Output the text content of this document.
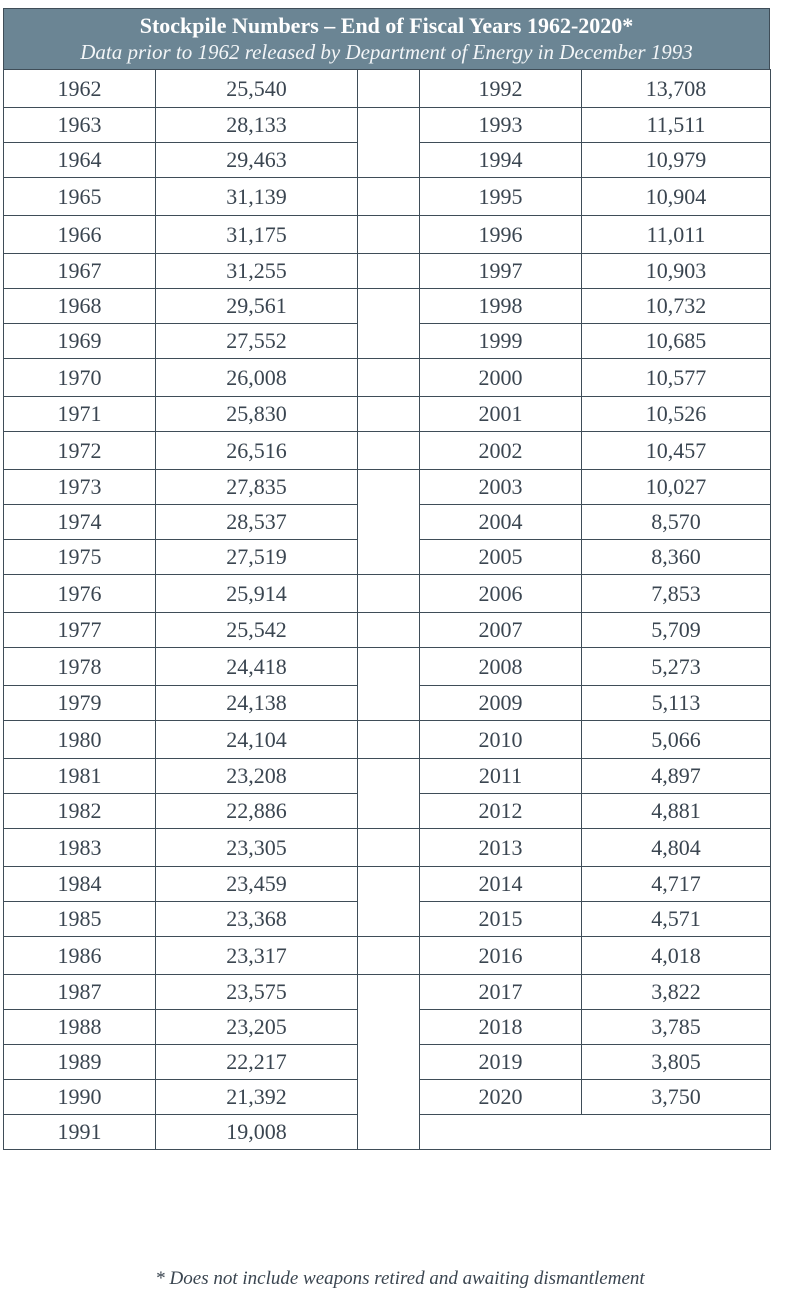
Stockpile Numbers – End of Fiscal Years 1962-2020*
Data prior to 1962 released by Department of Energy in December 1993
1962	25,540		1992	13,708
1963	28,133		1993	11,511
1964	29,463		1994	10,979
1965	31,139		1995	10,904
1966	31,175		1996	11,011
1967	31,255		1997	10,903
1968	29,561		1998	10,732
1969	27,552		1999	10,685
1970	26,008		2000	10,577
1971	25,830		2001	10,526
1972	26,516		2002	10,457
1973	27,835		2003	10,027
1974	28,537		2004	8,570
1975	27,519		2005	8,360
1976	25,914		2006	7,853
1977	25,542		2007	5,709
1978	24,418		2008	5,273
1979	24,138		2009	5,113
1980	24,104		2010	5,066
1981	23,208		2011	4,897
1982	22,886		2012	4,881
1983	23,305		2013	4,804
1984	23,459		2014	4,717
1985	23,368		2015	4,571
1986	23,317		2016	4,018
1987	23,575		2017	3,822
1988	23,205		2018	3,785
1989	22,217		2019	3,805
1990	21,392		2020	3,750
1991	19,008			
* Does not include weapons retired and awaiting dismantlement
